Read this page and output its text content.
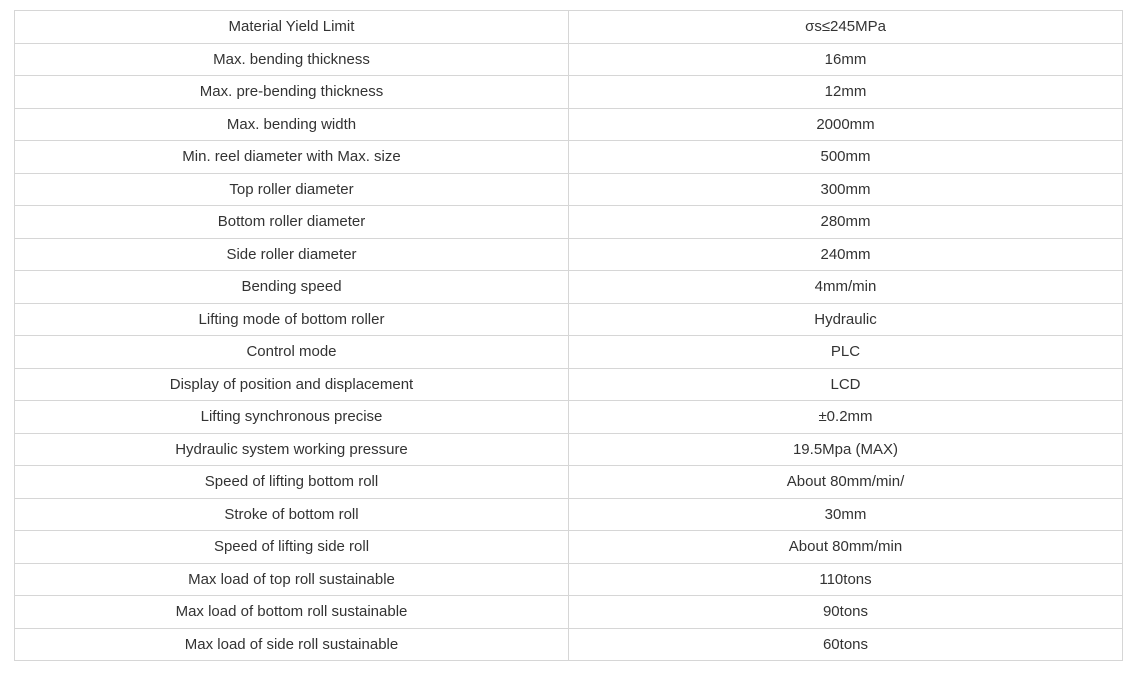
Material Yield Limit	σs≤245MPa
Max. bending thickness	16mm
Max. pre-bending thickness	12mm
Max. bending width	2000mm
Min. reel diameter with Max. size	500mm
Top roller diameter	300mm
Bottom roller diameter	280mm
Side roller diameter	240mm
Bending speed	4mm/min
Lifting mode of bottom roller	Hydraulic
Control mode	PLC
Display of position and displacement	LCD
Lifting synchronous precise	±0.2mm
Hydraulic system working pressure	19.5Mpa (MAX)
Speed of lifting bottom roll	About 80mm/min/
Stroke of bottom roll	30mm
Speed of lifting side roll	About 80mm/min
Max load of top roll sustainable	110tons
Max load of bottom roll sustainable	90tons
Max load of side roll sustainable	60tons
